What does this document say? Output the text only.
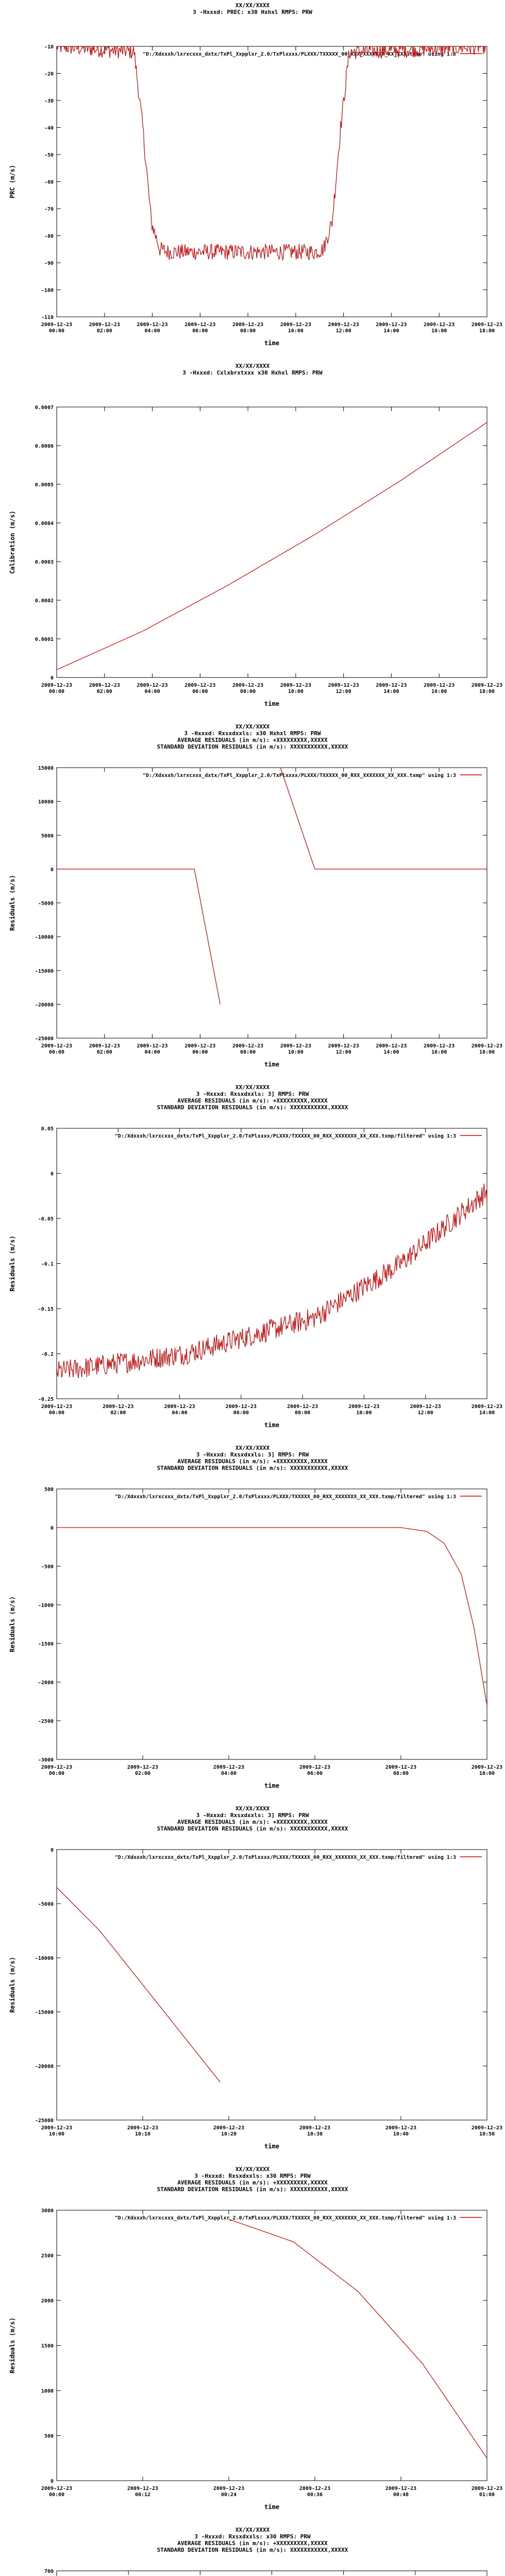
XX/XX/XXXX
3 -Hxxxd: PREC: x30 Hxhxl RMPS: PRW
-10
-20
-30
-40
-50
-60
-70
-80
-90
-100
-110
2009-12-23 00:00
2009-12-23 02:00
2009-12-23 04:00
2009-12-23 06:00
2009-12-23 08:00
2009-12-23 10:00
2009-12-23 12:00
2009-12-23 14:00
2009-12-23 16:00
2009-12-23 18:00
time
PRC (m/s)
"D:/Xdxxxh/lxrxcxxx_dxtx/TxPl_Xxpplxr_2.0/TxPlxxxx/PLXXX/TXXXXX_00_RXX_XXXXXXX_XX_XXX.txmp" using 1:3
XX/XX/XXXX
3 -Hxxxd: Cxlxbrxtxxx x30 Hxhxl RMPS: PRW
0.0007
0.0006
0.0005
0.0004
0.0003
0.0002
0.0001
0
2009-12-23 00:00
2009-12-23 02:00
2009-12-23 04:00
2009-12-23 06:00
2009-12-23 08:00
2009-12-23 10:00
2009-12-23 12:00
2009-12-23 14:00
2009-12-23 16:00
2009-12-23 18:00
time
Calibration (m/s)
XX/XX/XXXX
3 -Hxxxd: Rxsxdxxls: x30 Hxhxl RMPS: PRW
AVERAGE RESIDUALS (in m/s): +XXXXXXXXX,XXXXX
STANDARD DEVIATION RESIDUALS (in m/s): XXXXXXXXXXX,XXXXX
15000
10000
5000
0
-5000
-10000
-15000
-20000
-25000
2009-12-23 00:00
2009-12-23 02:00
2009-12-23 04:00
2009-12-23 06:00
2009-12-23 08:00
2009-12-23 10:00
2009-12-23 12:00
2009-12-23 14:00
2009-12-23 16:00
2009-12-23 18:00
time
Residuals (m/s)
"D:/Xdxxxh/lxrxcxxx_dxtx/TxPl_Xxpplxr_2.0/TxPlxxxx/PLXXX/TXXXXX_00_RXX_XXXXXXX_XX_XXX.txmp" using 1:3
XX/XX/XXXX
3 -Hxxxd: Rxsxdxxls: 3] RMPS: PRW
AVERAGE RESIDUALS (in m/s): +XXXXXXXXX,XXXXX
STANDARD DEVIATION RESIDUALS (in m/s): XXXXXXXXXXX,XXXXX
0.05
0
-0.05
-0.1
-0.15
-0.2
-0.25
2009-12-23 00:00
2009-12-23 02:00
2009-12-23 04:00
2009-12-23 06:00
2009-12-23 08:00
2009-12-23 10:00
2009-12-23 12:00
2009-12-23 14:00
time
Residuals (m/s)
"D:/Xdxxxh/lxrxcxxx_dxtx/TxPl_Xxpplxr_2.0/TxPlxxxx/PLXXX/TXXXXX_00_RXX_XXXXXXX_XX_XXX.txmp/filtered" using 1:3
XX/XX/XXXX
3 -Hxxxd: Rxsxdxxls: 3] RMPS: PRW
AVERAGE RESIDUALS (in m/s): +XXXXXXXXX,XXXXX
STANDARD DEVIATION RESIDUALS (in m/s): XXXXXXXXXXX,XXXXX
500
0
-500
-1000
-1500
-2000
-2500
-3000
2009-12-23 00:00
2009-12-23 02:00
2009-12-23 04:00
2009-12-23 06:00
2009-12-23 08:00
2009-12-23 10:00
time
Residuals (m/s)
"D:/Xdxxxh/lxrxcxxx_dxtx/TxPl_Xxpplxr_2.0/TxPlxxxx/PLXXX/TXXXXX_00_RXX_XXXXXXX_XX_XXX.txmp/filtered" using 1:3
XX/XX/XXXX
3 -Hxxxd: Rxsxdxxls: 3] RMPS: PRW
AVERAGE RESIDUALS (in m/s): +XXXXXXXXX,XXXXX
STANDARD DEVIATION RESIDUALS (in m/s): XXXXXXXXXXX,XXXXX
0
-5000
-10000
-15000
-20000
-25000
2009-12-23 10:00
2009-12-23 10:10
2009-12-23 10:20
2009-12-23 10:30
2009-12-23 10:40
2009-12-23 10:50
time
Residuals (m/s)
"D:/Xdxxxh/lxrxcxxx_dxtx/TxPl_Xxpplxr_2.0/TxPlxxxx/PLXXX/TXXXXX_00_RXX_XXXXXXX_XX_XXX.txmp/filtered" using 1:3
XX/XX/XXXX
3 -Hxxxd: Rxsxdxxls: x30 RMPS: PRW
AVERAGE RESIDUALS (in m/s): +XXXXXXXXX,XXXXX
STANDARD DEVIATION RESIDUALS (in m/s): XXXXXXXXXXX,XXXXX
3000
2500
2000
1500
1000
500
0
2009-12-23 00:00
2009-12-23 00:12
2009-12-23 00:24
2009-12-23 00:36
2009-12-23 00:48
2009-12-23 01:00
time
Residuals (m/s)
"D:/Xdxxxh/lxrxcxxx_dxtx/TxPl_Xxpplxr_2.0/TxPlxxxx/PLXXX/TXXXXX_00_RXX_XXXXXXX_XX_XXX.txmp/filtered" using 1:3
XX/XX/XXXX
3 -Hxxxd: Rxsxdxxls: x30 RMPS: PRW
AVERAGE RESIDUALS (in m/s): +XXXXXXXXX,XXXXX
STANDARD DEVIATION RESIDUALS (in m/s): XXXXXXXXXXX,XXXXX
700
